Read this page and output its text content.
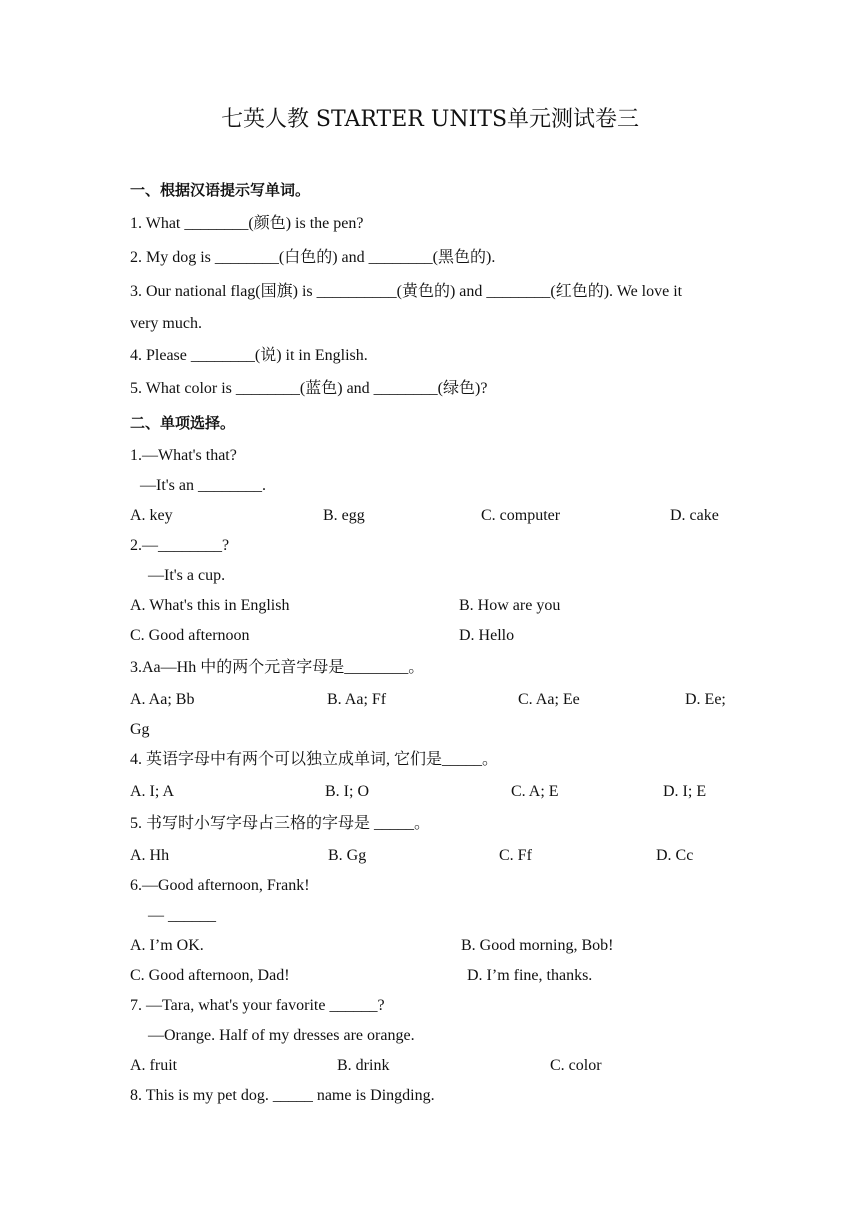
七英人教 STARTER UNITS单元测试卷三
一、根据汉语提示写单词。
1. What ________(颜色) is the pen?
2. My dog is ________(白色的) and ________(黑色的).
3. Our national flag(国旗) is __________(黄色的) and ________(红色的). We love it
very much.
4. Please ________(说) it in English.
5. What color is ________(蓝色) and ________(绿色)?
二、单项选择。
1.—What's that?
—It's an ________.
A. key	B. egg	C. computer	D. cake
2.—________?
—It's a cup.
A. What's this in English	B. How are you
C. Good afternoon	D. Hello
3.Aa—Hh 中的两个元音字母是________。
A. Aa; Bb	B. Aa; Ff	C. Aa; Ee	D. Ee;
Gg
4. 英语字母中有两个可以独立成单词, 它们是_____。
A. I; A	B. I; O	C. A; E	D. I; E
5. 书写时小写字母占三格的字母是 _____。
A. Hh	B. Gg	C. Ff	D. Cc
6.—Good afternoon, Frank!
— ______
A. I’m OK.	B. Good morning, Bob!
C. Good afternoon, Dad!	D. I’m fine, thanks.
7. —Tara, what's your favorite ______?
—Orange. Half of my dresses are orange.
A. fruit	B. drink	C. color
8. This is my pet dog. _____ name is Dingding.
